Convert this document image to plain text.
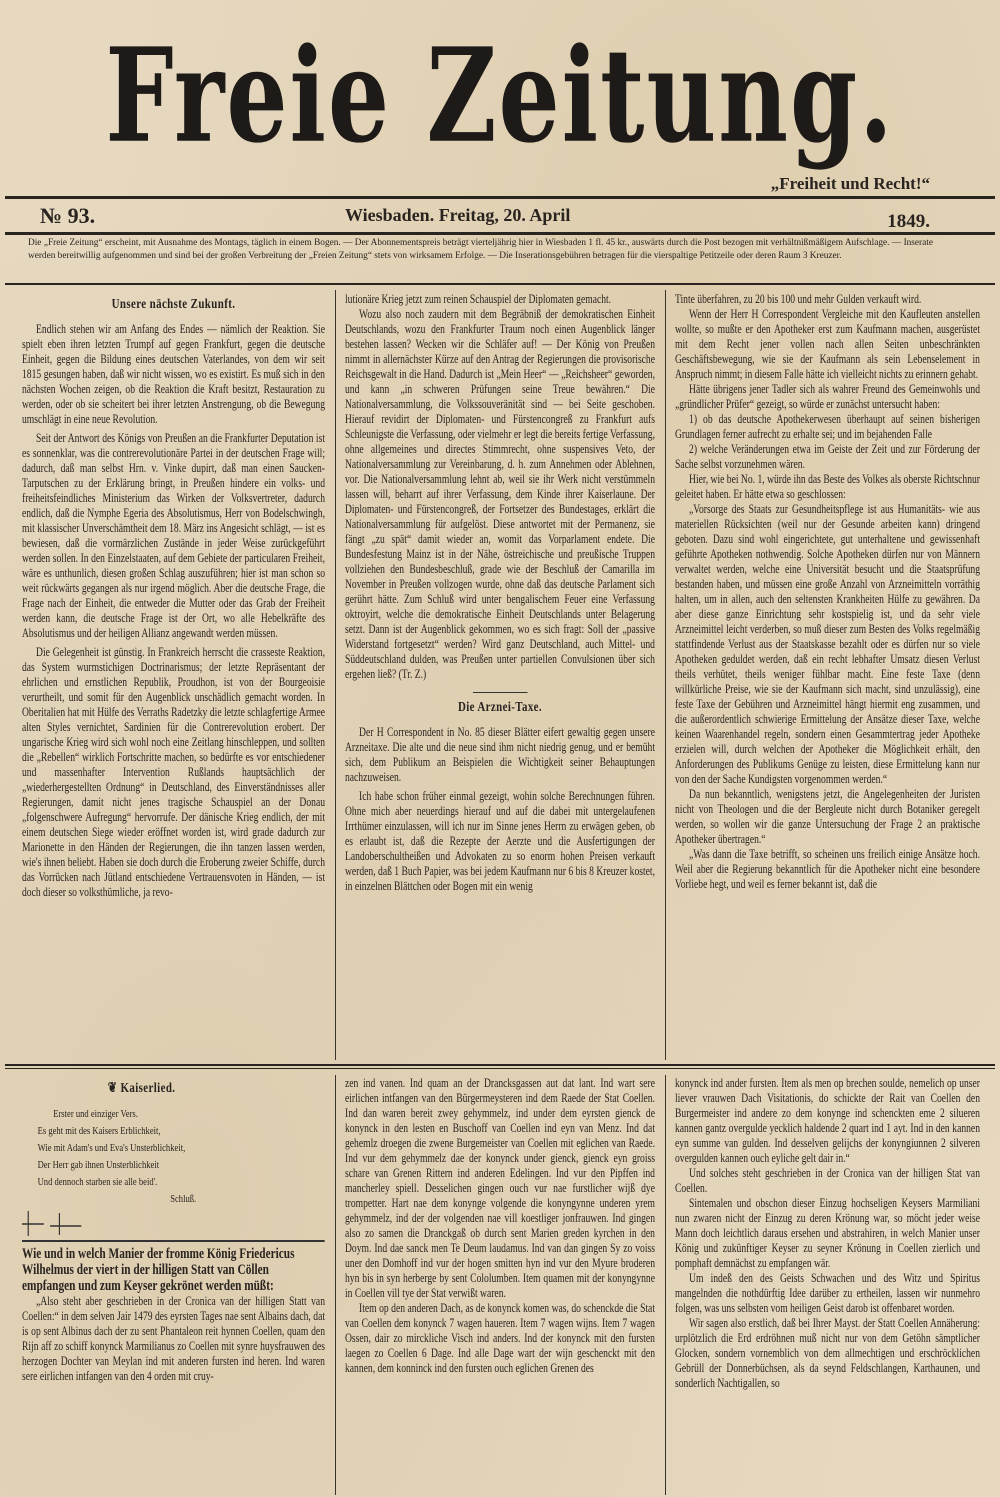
Freie Zeitung.
„Freiheit und Recht!“
№ 93.	Wiesbaden. Freitag, 20. April	1849.
Die „Freie Zeitung“ erscheint, mit Ausnahme des Montags, täglich in einem Bogen. — Der Abonnementspreis beträgt vierteljährig hier in Wiesbaden 1 fl. 45 kr., auswärts durch die Post bezogen mit verhältnißmäßigem Aufschlage. — Inserate werden bereitwillig aufgenommen und sind bei der großen Verbreitung der „Freien Zeitung“ stets von wirksamem Erfolge. — Die Inserationsgebühren betragen für die vierspaltige Petitzeile oder deren Raum 3 Kreuzer.
Unsere nächste Zukunft.

Endlich stehen wir am Anfang des Endes — nämlich der Reaktion. Sie spielt eben ihren letzten Trumpf auf gegen Frankfurt, gegen die deutsche Einheit, gegen die Bildung eines deutschen Vaterlandes, von dem wir seit 1815 gesungen haben, daß wir nicht wissen, wo es existirt. Es muß sich in den nächsten Wochen zeigen, ob die Reaktion die Kraft besitzt, Restauration zu werden, oder ob sie scheitert bei ihrer letzten Anstrengung, ob die Bewegung umschlägt in eine neue Revolution.

Seit der Antwort des Königs von Preußen an die Frankfurter Deputation ist es sonnenklar, was die contrerevolutionäre Partei in der deutschen Frage will; dadurch, daß man selbst Hrn. v. Vinke dupirt, daß man einen Saucken-Tarputschen zu der Erklärung bringt, in Preußen hindere ein volks- und freiheitsfeindliches Ministerium das Wirken der Volksvertreter, dadurch endlich, daß die Nymphe Egeria des Absolutismus, Herr von Bodelschwingh, mit klassischer Unverschämtheit dem 18. März ins Angesicht schlägt, — ist es bewiesen, daß die vormärzlichen Zustände in jeder Weise zurückgeführt werden sollen. In den Einzelstaaten, auf dem Gebiete der particularen Freiheit, wäre es unthunlich, diesen großen Schlag auszuführen; hier ist man schon so weit rückwärts gegangen als nur irgend möglich. Aber die deutsche Frage, die Frage nach der Einheit, die entweder die Mutter oder das Grab der Freiheit werden kann, die deutsche Frage ist der Ort, wo alle Hebelkräfte des Absolutismus und der heiligen Allianz angewandt werden müssen.

Die Gelegenheit ist günstig. In Frankreich herrscht die crasseste Reaktion, das System wurmstichigen Doctrinarismus; der letzte Repräsentant der ehrlichen und ernstlichen Republik, Proudhon, ist von der Bourgeoisie verurtheilt, und somit für den Augenblick unschädlich gemacht worden. In Oberitalien hat mit Hülfe des Verraths Radetzky die letzte schlagfertige Armee alten Styles vernichtet, Sardinien für die Contrerevolution erobert. Der ungarische Krieg wird sich wohl noch eine Zeitlang hinschleppen, und sollten die „Rebellen“ wirklich Fortschritte machen, so bedürfte es vor entschiedener und massenhafter Intervention Rußlands hauptsächlich der „wiederhergestellten Ordnung“ in Deutschland, des Einverständnisses aller Regierungen, damit nicht jenes tragische Schauspiel an der Donau „folgenschwere Aufregung“ hervorrufe. Der dänische Krieg endlich, der mit einem deutschen Siege wieder eröffnet worden ist, wird grade dadurch zur Marionette in den Händen der Regierungen, die ihn tanzen lassen werden, wie's ihnen beliebt. Haben sie doch durch die Eroberung zweier Schiffe, durch das Vorrücken nach Jütland entschiedene Vertrauensvoten in Händen, — ist doch dieser so volksthümliche, ja revo-

lutionäre Krieg jetzt zum reinen Schauspiel der Diplomaten gemacht.

Wozu also noch zaudern mit dem Begräbniß der demokratischen Einheit Deutschlands, wozu den Frankfurter Traum noch einen Augenblick länger bestehen lassen? Wecken wir die Schläfer auf! — Der König von Preußen nimmt in allernächster Kürze auf den Antrag der Regierungen die provisorische Reichsgewalt in die Hand. Dadurch ist „Mein Heer“ — „Reichsheer“ geworden, und kann „in schweren Prüfungen seine Treue bewähren.“ Die Nationalversammlung, die Volkssouveränität sind — bei Seite geschoben. Hierauf revidirt der Diplomaten- und Fürstencongreß zu Frankfurt aufs Schleunigste die Verfassung, oder vielmehr er legt die bereits fertige Verfassung, ohne allgemeines und directes Stimmrecht, ohne suspensives Veto, der Nationalversammlung zur Vereinbarung, d. h. zum Annehmen oder Ablehnen, vor. Die Nationalversammlung lehnt ab, weil sie ihr Werk nicht verstümmeln lassen will, beharrt auf ihrer Verfassung, dem Kinde ihrer Kaiserlaune. Der Diplomaten- und Fürstencongreß, der Fortsetzer des Bundestages, erklärt die Nationalversammlung für aufgelöst. Diese antwortet mit der Permanenz, sie fängt „zu spät“ damit wieder an, womit das Vorparlament endete. Die Bundesfestung Mainz ist in der Nähe, östreichische und preußische Truppen vollziehen den Bundesbeschluß, grade wie der Beschluß der Camarilla im November in Preußen vollzogen wurde, ohne daß das deutsche Parlament sich gerührt hätte. Zum Schluß wird unter bengalischem Feuer eine Verfassung oktroyirt, welche die demokratische Einheit Deutschlands unter Belagerung setzt. Dann ist der Augenblick gekommen, wo es sich fragt: Soll der „passive Widerstand fortgesetzt“ werden? Wird ganz Deutschland, auch Mittel- und Süddeutschland dulden, was Preußen unter partiellen Convulsionen über sich ergehen ließ? (Tr. Z.)

Die Arznei-Taxe.

Der H Correspondent in No. 85 dieser Blätter eifert gewaltig gegen unsere Arzneitaxe. Die alte und die neue sind ihm nicht niedrig genug, und er bemüht sich, dem Publikum an Beispielen die Wichtigkeit seiner Behauptungen nachzuweisen.

Ich habe schon früher einmal gezeigt, wohin solche Berechnungen führen. Ohne mich aber neuerdings hierauf und auf die dabei mit untergelaufenen Irrthümer einzulassen, will ich nur im Sinne jenes Herrn zu erwägen geben, ob es erlaubt ist, daß die Rezepte der Aerzte und die Ausfertigungen der Landoberschultheißen und Advokaten zu so enorm hohen Preisen verkauft werden, daß 1 Buch Papier, was bei jedem Kaufmann nur 6 bis 8 Kreuzer kostet, in einzelnen Blättchen oder Bogen mit ein wenig

Tinte überfahren, zu 20 bis 100 und mehr Gulden verkauft wird.

Wenn der Herr H Correspondent Vergleiche mit den Kaufleuten anstellen wollte, so mußte er den Apotheker erst zum Kaufmann machen, ausgerüstet mit dem Recht jener vollen nach allen Seiten unbeschränkten Geschäftsbewegung, wie sie der Kaufmann als sein Lebenselement in Anspruch nimmt; in diesem Falle hätte ich vielleicht nichts zu erinnern gehabt.

Hätte übrigens jener Tadler sich als wahrer Freund des Gemeinwohls und „gründlicher Prüfer“ gezeigt, so würde er zunächst untersucht haben:

1) ob das deutsche Apothekerwesen überhaupt auf seinen bisherigen Grundlagen ferner aufrecht zu erhalte sei; und im bejahenden Falle

2) welche Veränderungen etwa im Geiste der Zeit und zur Förderung der Sache selbst vorzunehmen wären.

Hier, wie bei No. 1, würde ihn das Beste des Volkes als oberste Richtschnur geleitet haben. Er hätte etwa so geschlossen:

„Vorsorge des Staats zur Gesundheitspflege ist aus Humanitäts- wie aus materiellen Rücksichten (weil nur der Gesunde arbeiten kann) dringend geboten. Dazu sind wohl eingerichtete, gut unterhaltene und gewissenhaft geführte Apotheken nothwendig. Solche Apotheken dürfen nur von Männern verwaltet werden, welche eine Universität besucht und die Staatsprüfung bestanden haben, und müssen eine große Anzahl von Arzneimitteln vorräthig halten, um in allen, auch den seltensten Krankheiten Hülfe zu gewähren. Da aber diese ganze Einrichtung sehr kostspielig ist, und da sehr viele Arzneimittel leicht verderben, so muß dieser zum Besten des Volks regelmäßig stattfindende Verlust aus der Staatskasse bezahlt oder es dürfen nur so viele Apotheken geduldet werden, daß ein recht lebhafter Umsatz diesen Verlust theils verhütet, theils weniger fühlbar macht. Eine feste Taxe (denn willkürliche Preise, wie sie der Kaufmann sich macht, sind unzulässig), eine feste Taxe der Gebühren und Arzneimittel hängt hiermit eng zusammen, und die außerordentlich schwierige Ermittelung der Ansätze dieser Taxe, welche keinen Waarenhandel regeln, sondern einen Gesammtertrag jeder Apotheke erzielen will, durch welchen der Apotheker die Möglichkeit erhält, den Anforderungen des Publikums Genüge zu leisten, diese Ermittelung kann nur von den der Sache Kundigsten vorgenommen werden.“

Da nun bekanntlich, wenigstens jetzt, die Angelegenheiten der Juristen nicht von Theologen und die der Bergleute nicht durch Botaniker geregelt werden, so wollen wir die ganze Untersuchung der Frage 2 an praktische Apotheker übertragen.“

„Was dann die Taxe betrifft, so scheinen uns freilich einige Ansätze hoch. Weil aber die Regierung bekanntlich für die Apotheker nicht eine besondere Vorliebe hegt, und weil es ferner bekannt ist, daß die

❦ Kaiserlied.
Erster und einziger Vers.
Es geht mit des Kaisers Erblichkeit,
Wie mit Adam's und Eva's Unsterblichkeit,
Der Herr gab ihnen Unsterblichkeit
Und dennoch starben sie alle beid'.
Schluß.

Wie und in welch Manier der fromme König Friedericus Wilhelmus der viert in der hilligen Statt van Cöllen empfangen und zum Keyser gekrönet werden müßt:

„Also steht aber geschrieben in der Cronica van der hilligen Statt van Coellen:“ in dem selven Jair 1479 des eyrsten Tages nae sent Albains dach, dat is op sent Albinus dach der zu sent Phantaleon reit hynnen Coellen, quam den Rijn aff zo schiff konynck Marmilianus zo Coellen mit synre huysfrauwen des herzogen Dochter van Meylan ind mit anderen fursten ind heren. Ind waren sere eirlichen intfangen van den 4 orden mit cruy-

zen ind vanen. Ind quam an der Drancksgassen aut dat lant. Ind wart sere eirlichen intfangen van den Bürgermeysteren ind dem Raede der Stat Coellen. Ind dan waren bereit zwey gehymmelz, ind under dem eyrsten gienck de konynck in den lesten en Buschoff van Coellen ind eyn van Menz. Ind dat gehemlz droegen die zwene Burgemeister van Coellen mit eglichen van Raede. Ind vur dem gehymmelz dae der konynck under gienck, gienck eyn groiss schare van Grenen Rittern ind anderen Edelingen. Ind vur den Pipffen ind mancherley spiell. Desselichen gingen ouch vur nae furstlicher wijß dye trompetter. Hart nae dem konynge volgende die konyngynne underen yrem gehymmelz, ind der der volgenden nae vill koestliger jonfrauwen. Ind gingen also zo samen die Dranckgaß ob durch sent Marien greden kyrchen in den Doym. Ind dae sanck men Te Deum laudamus. Ind van dan gingen Sy zo voiss uner den Domhoff ind vur der hogen smitten hyn ind vur den Myure broderen hyn bis in syn herberge by sent Cololumben. Item quamen mit der konyngynne in Coellen vill tye der Stat verwißt waren.

Item op den anderen Dach, as de konynck komen was, do schenckde die Stat van Coellen dem konynck 7 wagen haueren. Item 7 wagen wijns. Item 7 wagen Ossen, dair zo mirckliche Visch ind anders. Ind der konynck mit den fursten laegen zo Coellen 6 Dage. Ind alle Dage wart der wijn geschenckt mit den kannen, dem konninck ind den fursten ouch eglichen Grenen des

konynck ind ander fursten. Item als men op brechen soulde, nemelich op unser liever vrauwen Dach Visitationis, do schickte der Rait van Coellen den Burgermeister ind andere zo dem konynge ind schenckten eme 2 silueren kannen gantz overgulde yecklich haldende 2 quart ind 1 ayt. Ind in den kannen eyn summe van gulden. Ind desselven gelijchs der konyngiunnen 2 silveren overgulden kannen ouch eyliche gelt dair in.“

Und solches steht geschrieben in der Cronica van der hilligen Stat van Coellen.

Sintemalen und obschon dieser Einzug hochseligen Keysers Marmiliani nun zwaren nicht der Einzug zu deren Krönung war, so möcht jeder weise Mann doch leichtlich daraus ersehen und abstrahiren, in welch Manier unser König und zukünftiger Keyser zu seyner Krönung in Coellen zierlich und pomphaft demnächst zu empfangen wär.

Um indeß den des Geists Schwachen und des Witz und Spiritus mangelnden die nothdürftig Idee darüber zu ertheilen, lassen wir nunmehro folgen, was uns selbsten vom heiligen Geist darob ist offenbaret worden.

Wir sagen also erstlich, daß bei Ihrer Mayst. der Statt Coellen Annäherung: urplötzlich die Erd erdröhnen muß nicht nur von dem Getöhn sämptlicher Glocken, sondern vornemblich von dem allmechtigen und erschröcklichen Gebrüll der Donnerbüchsen, als da seynd Feldschlangen, Karthaunen, und sonderlich Nachtigallen, so
